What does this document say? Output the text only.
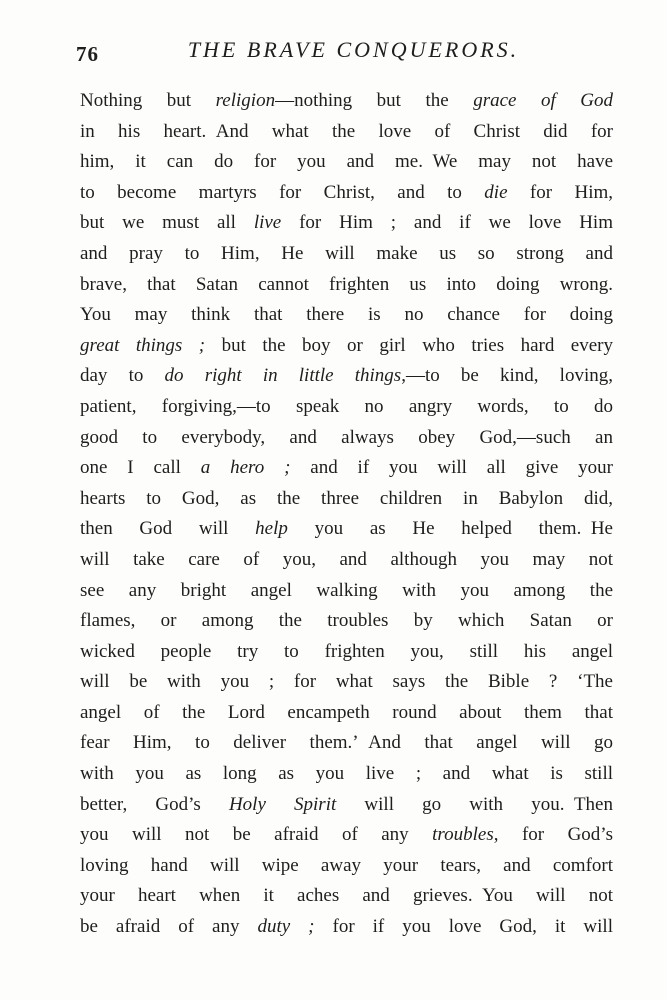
76	THE BRAVE CONQUERORS.
Nothing but religion—nothing but the grace of God
in his heart. And what the love of Christ did for
him, it can do for you and me. We may not have
to become martyrs for Christ, and to die for Him,
but we must all live for Him ; and if we love Him
and pray to Him, He will make us so strong and
brave, that Satan cannot frighten us into doing wrong.
You may think that there is no chance for doing
great things ; but the boy or girl who tries hard every
day to do right in little things,—to be kind, loving,
patient, forgiving,—to speak no angry words, to do
good to everybody, and always obey God,—such an
one I call a hero ; and if you will all give your
hearts to God, as the three children in Babylon did,
then God will help you as He helped them. He
will take care of you, and although you may not
see any bright angel walking with you among the
flames, or among the troubles by which Satan or
wicked people try to frighten you, still his angel
will be with you ; for what says the Bible ? ‘The
angel of the Lord encampeth round about them that
fear Him, to deliver them.’ And that angel will go
with you as long as you live ; and what is still
better, God’s Holy Spirit will go with you. Then
you will not be afraid of any troubles, for God’s
loving hand will wipe away your tears, and comfort
your heart when it aches and grieves. You will not
be afraid of any duty ; for if you love God, it will
